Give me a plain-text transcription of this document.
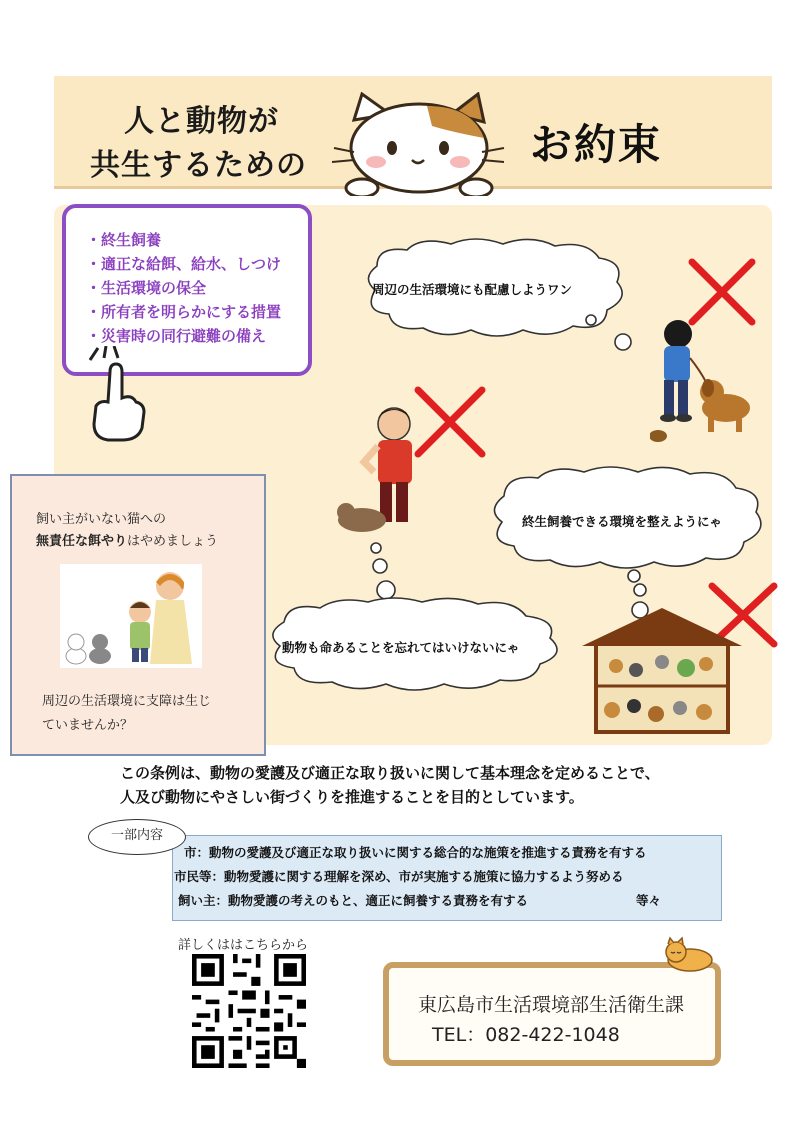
人と動物が
共生するための	お約束
・ 終生飼養
・ 適正な給餌、給水、しつけ
・ 生活環境の保全
・ 所有者を明らかにする措置
・ 災害時の同行避難の備え
周辺の生活環境にも配慮しようワン
終生飼養できる環境を整えようにゃ
動物も命あることを忘れてはいけないにゃ
飼い主がいない猫への
無責任な餌やりはやめましょう
周辺の生活環境に支障は生じ
ていませんか？
この条例は、動物の愛護及び適正な取り扱いに関して基本理念を定めることで、
人及び動物にやさしい街づくりを推進することを目的としています。
一部内容
市：動物の愛護及び適正な取り扱いに関する総合的な施策を推進する責務を有する
市民等：動物愛護に関する理解を深め、市が実施する施策に協力するよう努める
飼い主：動物愛護の考えのもと、適正に飼養する責務を有する	等々
詳しくははこちらから
東広島市生活環境部生活衛生課
TEL：082-422-1048
